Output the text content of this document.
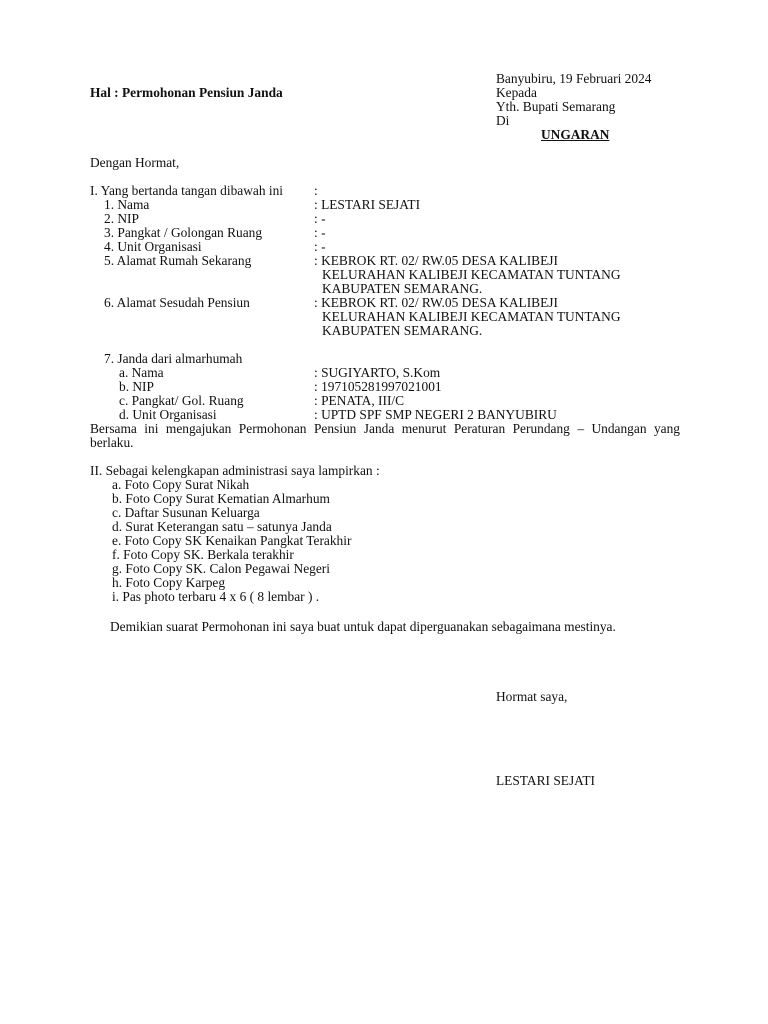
Banyubiru, 19 Februari 2024
Kepada
Yth. Bupati Semarang
Di
UNGARAN
Hal : Permohonan Pensiun Janda
Dengan Hormat,
I. Yang bertanda tangan dibawah ini :
1. Nama	: LESTARI SEJATI
2. NIP	: -
3. Pangkat / Golongan Ruang	: -
4. Unit Organisasi	: -
5. Alamat Rumah Sekarang	: KEBROK RT. 02/ RW.05 DESA KALIBEJI
KELURAHAN KALIBEJI KECAMATAN TUNTANG
KABUPATEN SEMARANG.
6. Alamat Sesudah Pensiun	: KEBROK RT. 02/ RW.05 DESA KALIBEJI
KELURAHAN KALIBEJI KECAMATAN TUNTANG
KABUPATEN SEMARANG.
7. Janda dari almarhumah
a. Nama	: SUGIYARTO, S.Kom
b. NIP	: 197105281997021001
c. Pangkat/ Gol. Ruang	: PENATA, III/C
d. Unit Organisasi	: UPTD SPF SMP NEGERI 2 BANYUBIRU
Bersama ini mengajukan Permohonan Pensiun Janda menurut Peraturan Perundang – Undangan yang berlaku.
II. Sebagai kelengkapan administrasi saya lampirkan :
a. Foto Copy Surat Nikah
b. Foto Copy Surat Kematian Almarhum
c. Daftar Susunan Keluarga
d. Surat Keterangan satu – satunya Janda
e. Foto Copy SK Kenaikan Pangkat Terakhir
f. Foto Copy SK. Berkala terakhir
g. Foto Copy SK. Calon Pegawai Negeri
h. Foto Copy Karpeg
i. Pas photo terbaru 4 x 6 ( 8 lembar ) .
Demikian suarat Permohonan ini saya buat untuk dapat diperguanakan sebagaimana mestinya.
Hormat saya,
LESTARI SEJATI
